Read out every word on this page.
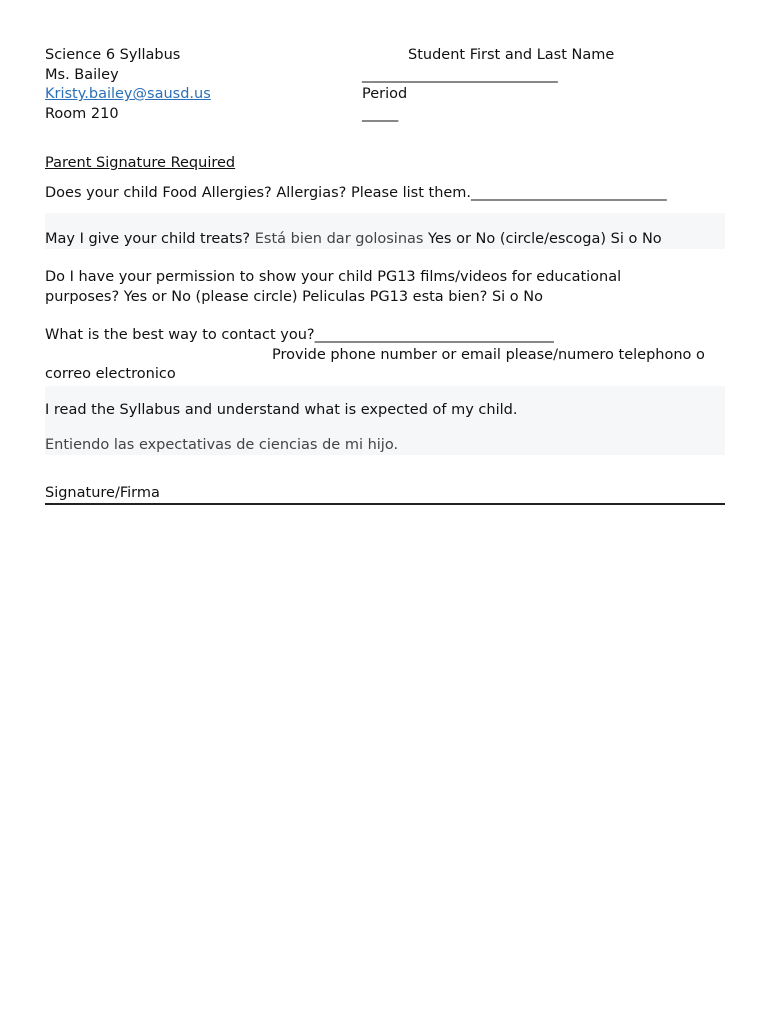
Science 6 Syllabus
Ms. Bailey
Kristy.bailey@sausd.us
Room 210
Student First and Last Name
___________________________
Period
_____
Parent Signature Required
Does your child Food Allergies? Allergias? Please list them.___________________________
May I give your child treats? Está bien dar golosinas Yes or No (circle/escoga) Si o No
Do I have your permission to show your child PG13 films/videos for educational
purposes? Yes or No (please circle) Peliculas PG13 esta bien? Si o No
What is the best way to contact you?_________________________________
Provide phone number or email please/numero telephono o
correo electronico
I read the Syllabus and understand what is expected of my child.
Entiendo las expectativas de ciencias de mi hijo.
Signature/Firma
